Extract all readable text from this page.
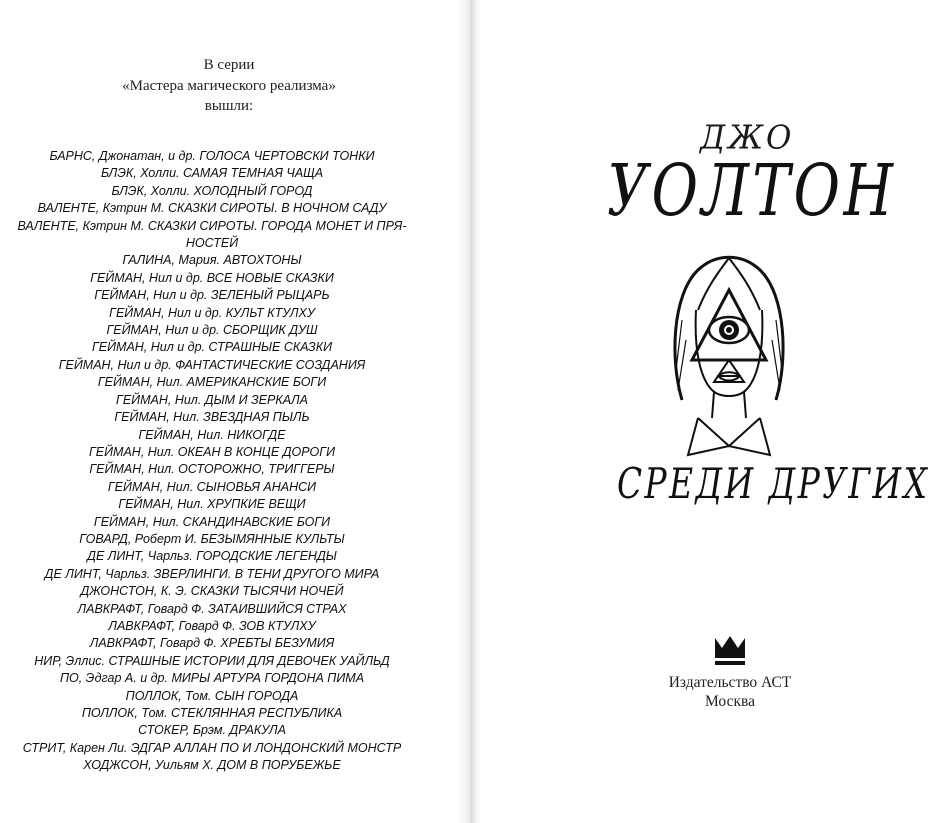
В серии
«Мастера магического реализма»
вышли:
БАРНС, Джонатан, и др. ГОЛОСА ЧЕРТОВСКИ ТОНКИ
БЛЭК, Холли. САМАЯ ТЕМНАЯ ЧАЩА
БЛЭК, Холли. ХОЛОДНЫЙ ГОРОД
ВАЛЕНТЕ, Кэтрин М. СКАЗКИ СИРОТЫ. В НОЧНОМ САДУ
ВАЛЕНТЕ, Кэтрин М. СКАЗКИ СИРОТЫ. ГОРОДА МОНЕТ И ПРЯ-
НОСТЕЙ
ГАЛИНА, Мария. АВТОХТОНЫ
ГЕЙМАН, Нил и др. ВСЕ НОВЫЕ СКАЗКИ
ГЕЙМАН, Нил и др. ЗЕЛЕНЫЙ РЫЦАРЬ
ГЕЙМАН, Нил и др. КУЛЬТ КТУЛХУ
ГЕЙМАН, Нил и др. СБОРЩИК ДУШ
ГЕЙМАН, Нил и др. СТРАШНЫЕ СКАЗКИ
ГЕЙМАН, Нил и др. ФАНТАСТИЧЕСКИЕ СОЗДАНИЯ
ГЕЙМАН, Нил. АМЕРИКАНСКИЕ БОГИ
ГЕЙМАН, Нил. ДЫМ И ЗЕРКАЛА
ГЕЙМАН, Нил. ЗВЕЗДНАЯ ПЫЛЬ
ГЕЙМАН, Нил. НИКОГДЕ
ГЕЙМАН, Нил. ОКЕАН В КОНЦЕ ДОРОГИ
ГЕЙМАН, Нил. ОСТОРОЖНО, ТРИГГЕРЫ
ГЕЙМАН, Нил. СЫНОВЬЯ АНАНСИ
ГЕЙМАН, Нил. ХРУПКИЕ ВЕЩИ
ГЕЙМАН, Нил. СКАНДИНАВСКИЕ БОГИ
ГОВАРД, Роберт И. БЕЗЫМЯННЫЕ КУЛЬТЫ
ДЕ ЛИНТ, Чарльз. ГОРОДСКИЕ ЛЕГЕНДЫ
ДЕ ЛИНТ, Чарльз. ЗВЕРЛИНГИ. В ТЕНИ ДРУГОГО МИРА
ДЖОНСТОН, К. Э. СКАЗКИ ТЫСЯЧИ НОЧЕЙ
ЛАВКРАФТ, Говард Ф. ЗАТАИВШИЙСЯ СТРАХ
ЛАВКРАФТ, Говард Ф. ЗОВ КТУЛХУ
ЛАВКРАФТ, Говард Ф. ХРЕБТЫ БЕЗУМИЯ
НИР, Эллис. СТРАШНЫЕ ИСТОРИИ ДЛЯ ДЕВОЧЕК УАЙЛЬД
ПО, Эдгар А. и др. МИРЫ АРТУРА ГОРДОНА ПИМА
ПОЛЛОК, Том. СЫН ГОРОДА
ПОЛЛОК, Том. СТЕКЛЯННАЯ РЕСПУБЛИКА
СТОКЕР, Брэм. ДРАКУЛА
СТРИТ, Карен Ли. ЭДГАР АЛЛАН ПО И ЛОНДОНСКИЙ МОНСТР
ХОДЖСОН, Уильям Х. ДОМ В ПОРУБЕЖЬЕ
ДЖО
УОЛТОН
СРЕДИ ДРУГИХ
Издательство АСТ
Москва
